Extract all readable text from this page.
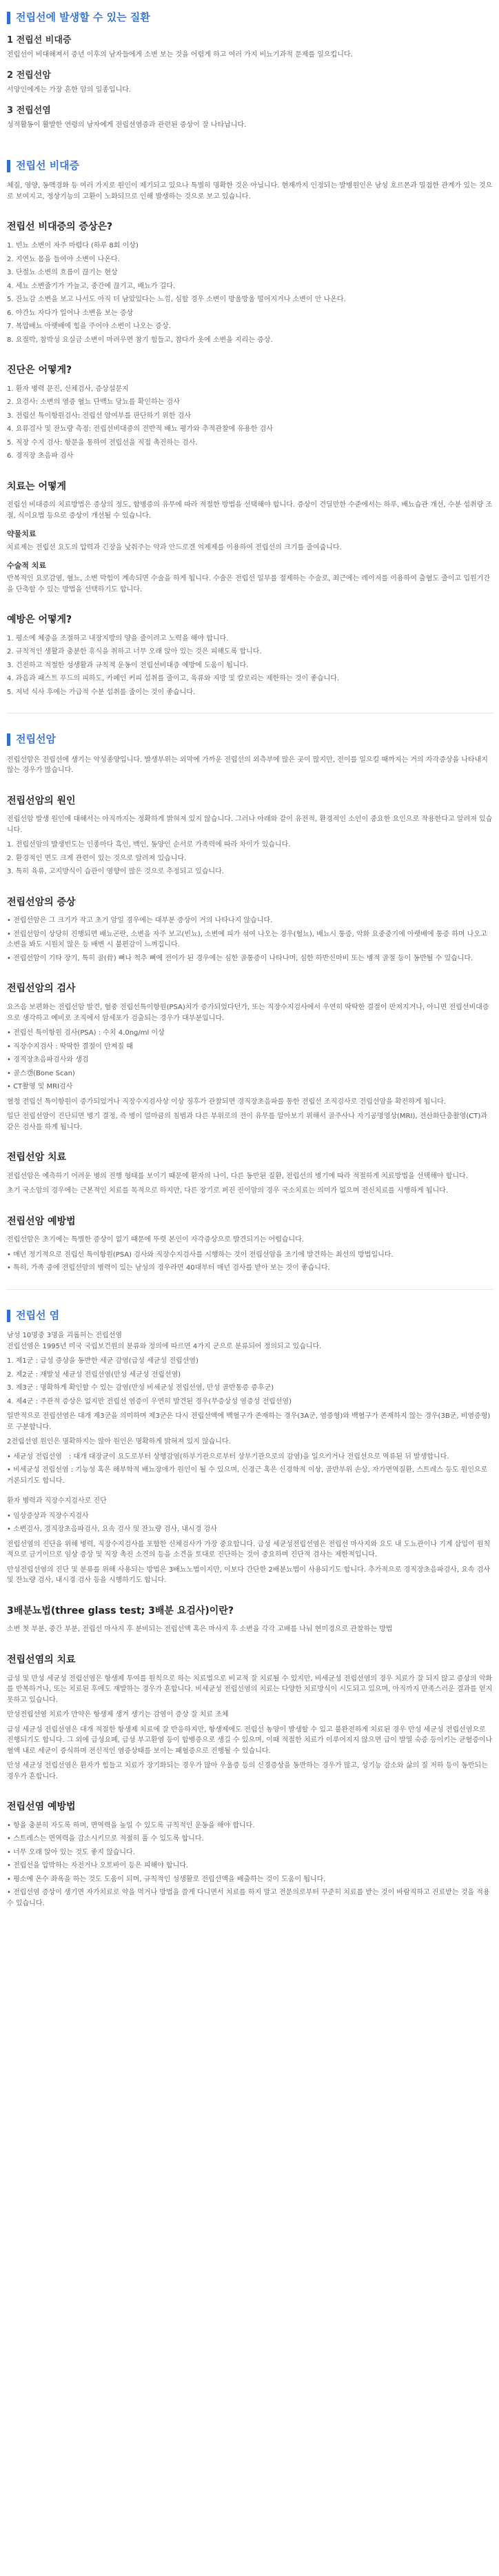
전립선에 발생할 수 있는 질환
1 전립선 비대증

전립선이 비대해져서 중년 이후의 남자들에게 소변 보는 것을 어렵게 하고 여러 가지 비뇨기과적 문제를 일으킵니다.

2 전립선암

서양인에게는 가장 흔한 암의 일종입니다.

3 전립선염

성적활동이 활발한 연령의 남자에게 전립선염증과 관련된 증상이 잘 나타납니다.

전립선 비대증

체질, 영양, 동맥경화 등 여러 가지로 원인이 제기되고 있으나 특별히 명확한 것은 아닙니다. 현재까지 인정되는 발병원인은 남성 호르몬과 밀접한 관계가 있는 것으로 보여지고, 정상기능의 고환이 노화되므로 인해 발생하는 것으로 보고 있습니다.

전립선 비대증의 증상은?
1. 빈뇨 소변이 자주 마렵다 (하루 8회 이상)
2. 지연뇨 몸을 들여야 소변이 나온다.
3. 단절뇨 소변의 흐름이 끊기는 현상
4. 세뇨 소변줄기가 가늘고, 중간에 끊기고, 배뇨가 길다.
5. 잔뇨감 소변을 보고 나서도 아직 더 남았있다는 느낌, 심할 경우 소변이 방울방울 떨어지거나 소변이 안 나온다.
6. 야간뇨 자다가 일어나 소변을 보는 증상
7. 복압배뇨 아랫배에 힘을 주어야 소변이 나오는 증상.
8. 요절박, 참박성 요실금 소변이 마려우면 참기 힘들고, 참다가 옷에 소변을 지리는 증상.
진단은 어떻게?
1. 환자 병력 문진, 신체검사, 증상설문지
2. 요검사: 소변의 염증 혈뇨 단백뇨 당뇨를 확인하는 검사
3. 전립선 특이항원검사: 전립선 암여부를 판단하기 위한 검사
4. 요류검사 및 잔뇨량 측정: 전립선비대증의 전반적 배뇨 평가와 추적관찰에 유용한 검사
5. 직장 수지 검사: 항문을 통하여 전립선을 직접 촉진하는 검사.
6. 경직장 초음파 검사
치료는 어떻게

전립선 비대증의 치료방법은 증상의 정도, 합병증의 유무에 따라 적절한 방법을 선택해야 합니다. 증상이 견딜만한 수준에서는 하루, 배뇨습관 개선, 수분 섭취량 조절, 식이요법 등으로 증상이 개선될 수 있습니다.

약물치료

치료제는 전립선 요도의 압력과 긴장을 낮춰주는 약과 안드로겐 억제제를 이용하여 전립선의 크기를 줄여줍니다.

수술적 치료

반복적인 요로감염, 혈뇨, 소변 막힘이 계속되면 수술을 하게 됩니다. 수술은 전립선 일부를 절제하는 수술로, 최근에는 레이저를 이용하여 출혈도 줄이고 입원기간을 단축할 수 있는 방법을 선택하기도 합니다.

예방은 어떻게?
1. 평소에 체중을 조절하고 내장지방의 양을 줄이려고 노력을 해야 합니다.
2. 규칙적인 생활과 충분한 휴식을 취하고 너무 오래 앉아 있는 것은 피해도록 합니다.
3. 건전하고 적절한 성생활과 규칙적 운동이 전립선비대증 예방에 도움이 됩니다.
4. 과음과 패스트 푸드의 피하도, 카페인 커피 섭취를 줄이고, 육류와 지방 및 칼로리는 제한하는 것이 좋습니다.
5. 저녁 식사 후에는 가급적 수분 섭취를 줄이는 것이 좋습니다.
전립선암

전립선암은 전립선에 생기는 악성종양입니다. 발생부위는 외막에 가까운 전립선의 외측부에 많은 곳이 많지만, 전이를 일으킬 때까지는 거의 자각증상을 나타내지 않는 경우가 많습니다.

전립선암의 원인

전립선암 발생 원인에 대해서는 아직까지는 정확하게 밝혀져 있지 않습니다. 그러나 아래와 같이 유전적, 환경적인 소인이 중요한 요인으로 작용한다고 알려져 있습니다.

1. 전립선암의 발생빈도는 인종마다 흑인, 백인, 동양인 순서로 가족력에 따라 차이가 있습니다.
2. 환경적인 면도 크게 관련이 있는 것으로 알려져 있습니다.
3. 특히 육류, 고지방식이 습관이 영향이 많은 것으로 추정되고 있습니다.
전립선암의 증상
• 전립선암은 그 크기가 작고 초기 암일 경우에는 대부분 증상이 거의 나타나지 않습니다.
• 전립선암이 상당히 진행되면 배뇨곤란, 소변을 자주 보고(빈뇨), 소변에 피가 섞여 나오는 경우(혈뇨), 배뇨시 통증, 악화 요중중기에 아랫배에 통증 하며 나오고 소변을 봐도 시원치 않은 등 배변 시 불편감이 느껴집니다.
• 전립선암이 기타 장기, 특히 골(骨) 뼈나 척추 뼈에 전이가 된 경우에는 심한 골통증이 나타나며, 심한 하반신마비 또는 병적 골절 등이 동반될 수 있습니다.
전립선암의 검사

요즈음 보편화는 전립선암 발견, 혈중 전립선특이항원(PSA)치가 증가되었다던가, 또는 직장수지검사에서 우연히 딱딱한 결절이 만져지거나, 아니면 전립선비대증으로 생각하고 예비로 조직에서 암세포가 검출되는 경우가 대부분입니다.

• 전립선 특이항원 검사(PSA) : 수치 4.0ng/ml 이상
• 직장수지검사 : 딱딱한 결절이 만져질 때
• 경직장초음파검사와 생검
• 골스캔(Bone Scan)
• CT촬영 및 MRI검사

혈청 전립선 특이항원이 증가되었거나 직장수지검사상 이상 징후가 관찰되면 경직장초음파를 통한 전립선 조직검사로 전립선암을 확진하게 됩니다.

일단 전립선암이 진단되면 병기 결정, 즉 병이 얼마큼의 침범과 다른 부위로의 전이 유무를 알아보기 위해서 골주사나 자기공명영상(MRI), 전산화단층촬영(CT)과 같은 검사를 하게 됩니다.

전립선암 치료

전립선암은 예측하기 어려운 병의 진행 형태를 보이기 때문에 환자의 나이, 다른 동반된 질환, 전립선의 병기에 따라 적절하게 치료방법을 선택해야 합니다.

초기 국소암의 경우에는 근본적인 치료를 목적으로 하지만, 다른 장기로 퍼진 진이암의 경우 국소치료는 의미가 없으며 전신치료를 시행하게 됩니다.

전립선암 예방법

전립선암은 초기에는 특별한 증상이 없기 때문에 뚜렷 본인이 자각증상으로 발견되기는 어렵습니다.

• 매년 정기적으로 전립선 특이항원(PSA) 검사와 직장수지검사를 시행하는 것이 전립선암을 조기에 발견하는 최선의 방법입니다.
• 특히, 가족 중에 전립선암의 병력이 있는 남성의 경우라면 40대부터 매년 검사를 받아 보는 것이 좋습니다.
전립선 염

남성 10명중 3명을 괴롭히는 전립선염

전립선염은 1995년 미국 국립보건원의 분류와 정의에 따르면 4가지 군으로 분류되어 정의되고 있습니다.

1. 제1군 : 급성 증상을 동반한 세균 감염(급성 세균성 전립선염)
2. 제2군 : 재발성 세균성 전립선염(만성 세균성 전립선염)
3. 제3군 : 명확하게 확인할 수 있는 감염(만성 비세균성 전립선염, 만성 골반통증 증후군)
4. 제4군 : 주관적 증상은 없지만 전립선 염증이 우연히 발견된 경우(무증상성 염증성 전립선염)

일반적으로 전립선염은 대개 제3군을 의미하며 제3군은 다시 전립선액에 백혈구가 존재하는 경우(3A군, 염증형)와 백혈구가 존재하지 않는 경우(3B군, 비염증형)로 구분합니다.

2전립선염 원인은 명확하지는 않아 원인은 명확하게 밝혀져 있지 않습니다.

• 세균성 전립선염　: 대개 대장균이 요도로부터 상행감염(하부기관으로부터 상부기관으로의 감염)을 일으키거나 전립선으로 역류된 뒤 발생합니다.
• 비세균성 전립선염 : 기능성 혹은 해부학적 배뇨장애가 원인이 될 수 있으며, 신경근 혹은 신경학적 이상, 골반부위 손상, 자가면역질환, 스트레스 등도 원인으로 거론되기도 합니다.

환자 병력과 직장수지검사로 진단

• 임상증상과 직장수지검사
• 소변검사, 경직장초음파검사, 요속 검사 및 잔뇨량 검사, 내시경 검사

전립선염의 진단을 위해 병력, 직장수지검사를 포함한 신체검사가 가장 중요합니다. 급성 세균성전립선염은 전립선 마사지와 요도 내 도뇨관이나 기계 삽입이 원칙적으로 금기이므로 임상 증상 및 직장 촉진 소견의 등을 소견을 토대로 진단하는 것이 중요하며 진단적 검사는 제한적입니다.

만성전립선염의 진단 및 분류를 위해 사용되는 방법은 3배뇨노법이지만, 이보다 간단한 2배분뇨법이 사용되기도 합니다. 추가적으로 경직장초음파검사, 요속 검사 및 잔뇨량 검사, 내시경 검사 등을 시행하기도 합니다.

3배분뇨법(three glass test; 3배분 요검사)이란?

소변 첫 부분, 중간 부분, 전립선 마사지 후 분비되는 전립선액 혹은 마사지 후 소변을 각각 고배를 나눠 현미경으로 관찰하는 방법

전립선염의 치료

급성 및 만성 세균성 전립선염은 항생제 투여를 원칙으로 하는 치료법으로 비교적 잘 치료될 수 있지만, 비세균성 전립선염의 경우 치료가 잘 되지 않고 증상의 악화를 반복하거나, 또는 치료된 후에도 재발하는 경우가 흔합니다. 비세균성 전립선염의 치료는 다양한 치료방식이 시도되고 있으며, 아직까지 만족스러운 결과를 얻지 못하고 있습니다.

만성전립선염 치료가 만약은 항생제 생겨 생기는 감염이 증상 잘 치료 조체

급성 세균성 전립선염은 대개 적절한 항생제 치료에 잘 반응하지만, 항생제에도 전립선 농양이 발생할 수 있고 불완전하게 치료된 경우 만성 세균성 전립선염으로 진행되기도 합니다. 그 외에 급성요폐, 급성 부고환염 등이 합병증으로 생길 수 있으며, 이때 적절한 치료가 이루어지지 않으면 급이 발열 숙증 등이키는 균혈증이나 혈액 내로 세균이 증식하며 전신적인 염증상태를 보이는 패혈증으로 진행될 수 있습니다.

만성 세균성 전립선염은 환자가 힘들고 치료가 장기화되는 경우가 많아 우울증 등의 신경증상을 동반하는 경우가 많고, 성기능 감소와 삶의 질 저하 등이 동반되는 경우가 흔합니다.

전립선염 예방법
• 항을 충분히 자도록 하며, 면역력을 높일 수 있도록 규칙적인 운동을 해야 합니다.
• 스트레스는 면역력을 감소시키므로 적절히 풀 수 있도록 합니다.
• 너무 오래 앉아 있는 것도 좋지 않습니다.
• 전립선을 압박하는 자전거나 오토바이 등은 피해야 합니다.
• 평소에 온수 좌욕을 하는 것도 도움이 되며, 규칙적인 성생활로 전립선액을 배출하는 것이 도움이 됩니다.
• 전립선염 증상이 생기면 자가치료로 약을 먹거나 방법을 쓸게 다니면서 치료를 하지 말고 전문의로부터 꾸준히 치료를 받는 것이 바람직하고 진료받는 것을 적용 수 있습니다.
